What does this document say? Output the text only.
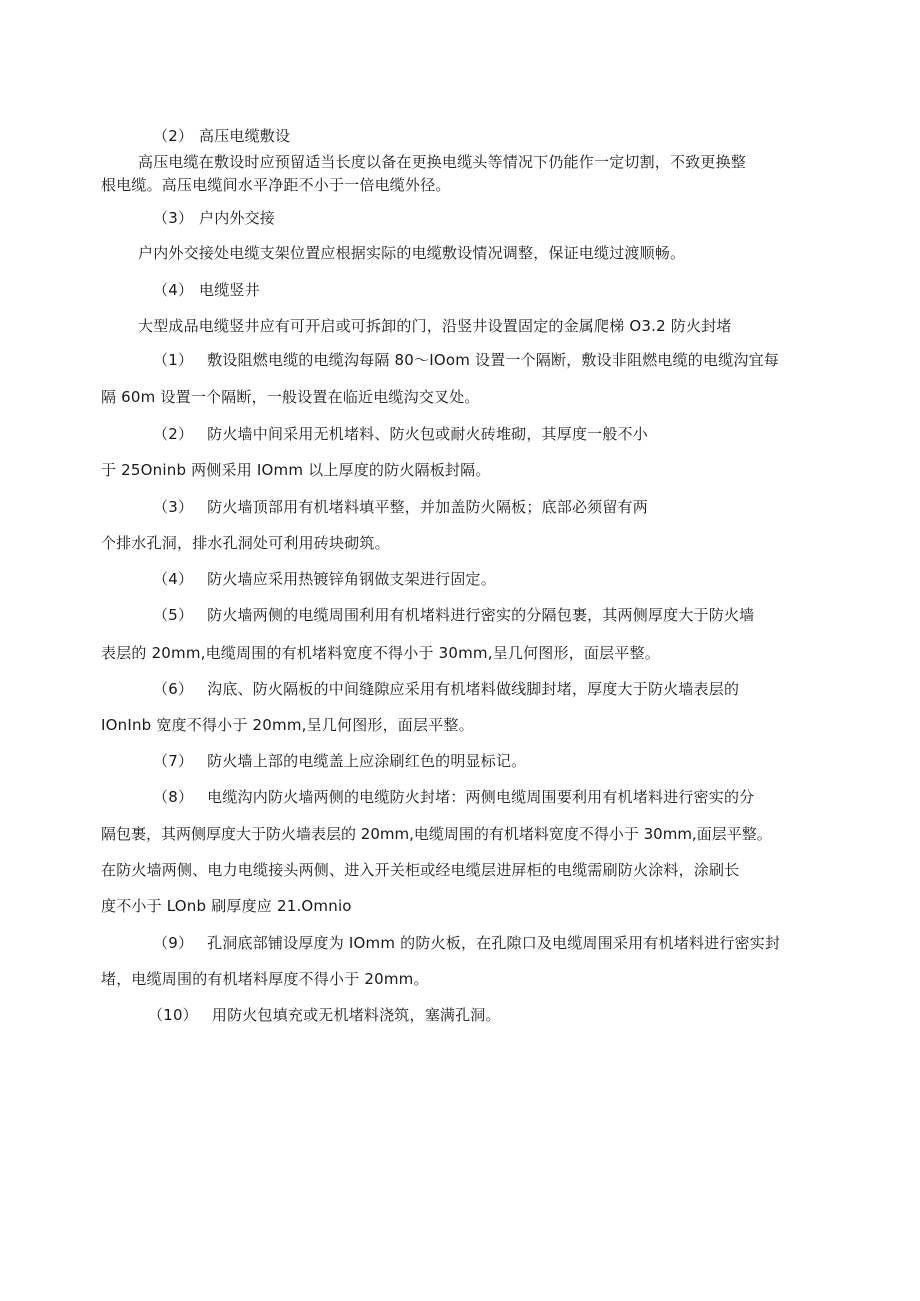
（2） 高压电缆敷设
高压电缆在敷设时应预留适当长度以备在更换电缆头等情况下仍能作一定切割，不致更换整
根电缆。高压电缆间水平净距不小于一倍电缆外径。
（3） 户内外交接
户内外交接处电缆支架位置应根据实际的电缆敷设情况调整，保证电缆过渡顺畅。
（4） 电缆竖井
大型成品电缆竖井应有可开启或可拆卸的门，沿竖井设置固定的金属爬梯 O3.2 防火封堵
（1） 敷设阻燃电缆的电缆沟每隔 80～IOom 设置一个隔断，敷设非阻燃电缆的电缆沟宜每
隔 60m 设置一个隔断，一般设置在临近电缆沟交叉处。
（2） 防火墙中间采用无机堵料、防火包或耐火砖堆砌，其厚度一般不小
于 25Oninb 两侧采用 IOmm 以上厚度的防火隔板封隔。
（3） 防火墙顶部用有机堵料填平整，并加盖防火隔板；底部必须留有两
个排水孔洞，排水孔洞处可利用砖块砌筑。
（4） 防火墙应采用热镀锌角钢做支架进行固定。
（5） 防火墙两侧的电缆周围利用有机堵料进行密实的分隔包裹，其两侧厚度大于防火墙
表层的 20mm,电缆周围的有机堵料宽度不得小于 30mm,呈几何图形，面层平整。
（6） 沟底、防火隔板的中间缝隙应采用有机堵料做线脚封堵，厚度大于防火墙表层的
IOnInb 宽度不得小于 20mm,呈几何图形，面层平整。
（7） 防火墙上部的电缆盖上应涂刷红色的明显标记。
（8） 电缆沟内防火墙两侧的电缆防火封堵：两侧电缆周围要利用有机堵料进行密实的分
隔包裹，其两侧厚度大于防火墙表层的 20mm,电缆周围的有机堵料宽度不得小于 30mm,面层平整。
在防火墙两侧、电力电缆接头两侧、进入开关柜或经电缆层进屏柜的电缆需刷防火涂料，涂刷长
度不小于 LOnb 刷厚度应 21.Omnio
（9） 孔洞底部铺设厚度为 IOmm 的防火板，在孔隙口及电缆周围采用有机堵料进行密实封
堵，电缆周围的有机堵料厚度不得小于 20mm。
（10） 用防火包填充或无机堵料浇筑，塞满孔洞。
